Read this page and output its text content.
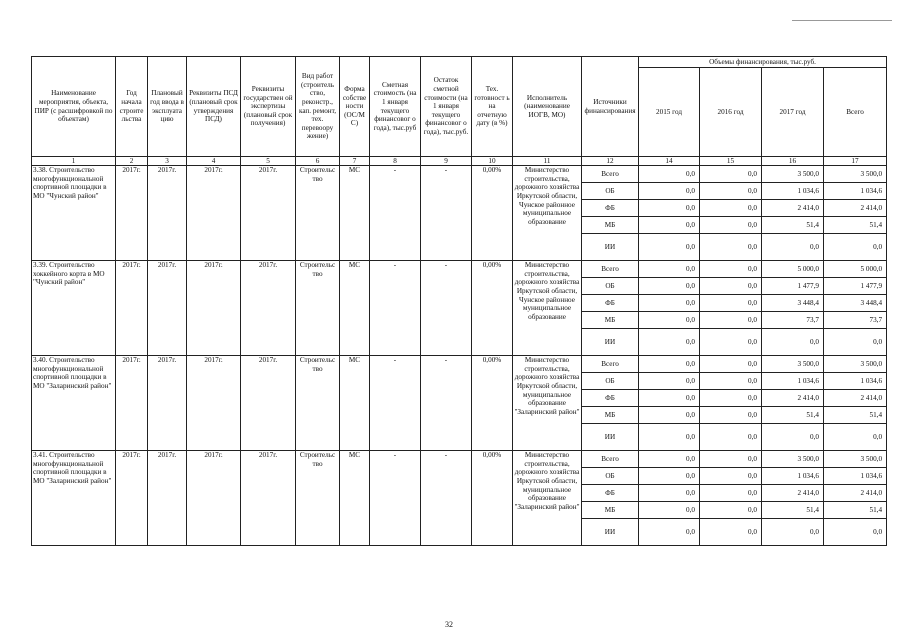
Наименование мероприятия, объекта, ПИР (с расшифровкой по объектам)	Год начала строите льства	Плановый год ввода в эксплуата цию	Реквизиты ПСД (плановый срок утверждения ПСД)	Реквизиты государствен ой экспертизы (плановый срок получения)	Вид работ (строитель ство, реконстр., кап. ремонт, тех. перевоору жение)	Форма собстве ности (ОС/М С)	Сметная стоимость (на 1 января текущего финансовог о года), тыс.руб	Остаток сметной стоимости (на 1 января текущего финансовог о года), тыс.руб.	Тех. готовност ь на отчетную дату (в %)	Исполнитель (наименование ИОГВ, МО)	Источники финансирования	Объемы финансирования, тыс.руб.			
												2015 год	2016 год	2017 год	Всего
1	2	3	4	5	6	7	8	9	10	11	12	14	15	16	17
3.38. Строительство многофункциональной спортивной площадки в МО "Чунский район"	2017г.	2017г.	2017г.	2017г.	Строительс тво	МС	-	-	0,00%	Министерство строительства, дорожного хозяйства Иркутской области, Чунское районное муниципальное образование	Всего	0,0	0,0	3 500,0	3 500,0
											ОБ	0,0	0,0	1 034,6	1 034,6
											ФБ	0,0	0,0	2 414,0	2 414,0
											МБ	0,0	0,0	51,4	51,4
											ИИ	0,0	0,0	0,0	0,0
3.39. Строительство хоккейного корта в МО "Чунский район"	2017г.	2017г.	2017г.	2017г.	Строительс тво	МС	-	-	0,00%	Министерство строительства, дорожного хозяйства Иркутской области, Чунское районное муниципальное образование	Всего	0,0	0,0	5 000,0	5 000,0
											ОБ	0,0	0,0	1 477,9	1 477,9
											ФБ	0,0	0,0	3 448,4	3 448,4
											МБ	0,0	0,0	73,7	73,7
											ИИ	0,0	0,0	0,0	0,0
3.40. Строительство многофункциональной спортивной площадки в МО "Заларинский район"	2017г.	2017г.	2017г.	2017г.	Строительс тво	МС	-	-	0,00%	Министерство строительства, дорожного хозяйства Иркутской области, муниципальное образование "Заларинский район"	Всего	0,0	0,0	3 500,0	3 500,0
											ОБ	0,0	0,0	1 034,6	1 034,6
											ФБ	0,0	0,0	2 414,0	2 414,0
											МБ	0,0	0,0	51,4	51,4
											ИИ	0,0	0,0	0,0	0,0
3.41. Строительство многофункциональной спортивной площадки в МО "Заларинский район"	2017г.	2017г.	2017г.	2017г.	Строительс тво	МС	-	-	0,00%	Министерство строительства, дорожного хозяйства Иркутской области, муниципальное образование "Заларинский район"	Всего	0,0	0,0	3 500,0	3 500,0
											ОБ	0,0	0,0	1 034,6	1 034,6
											ФБ	0,0	0,0	2 414,0	2 414,0
											МБ	0,0	0,0	51,4	51,4
											ИИ	0,0	0,0	0,0	0,0
32
